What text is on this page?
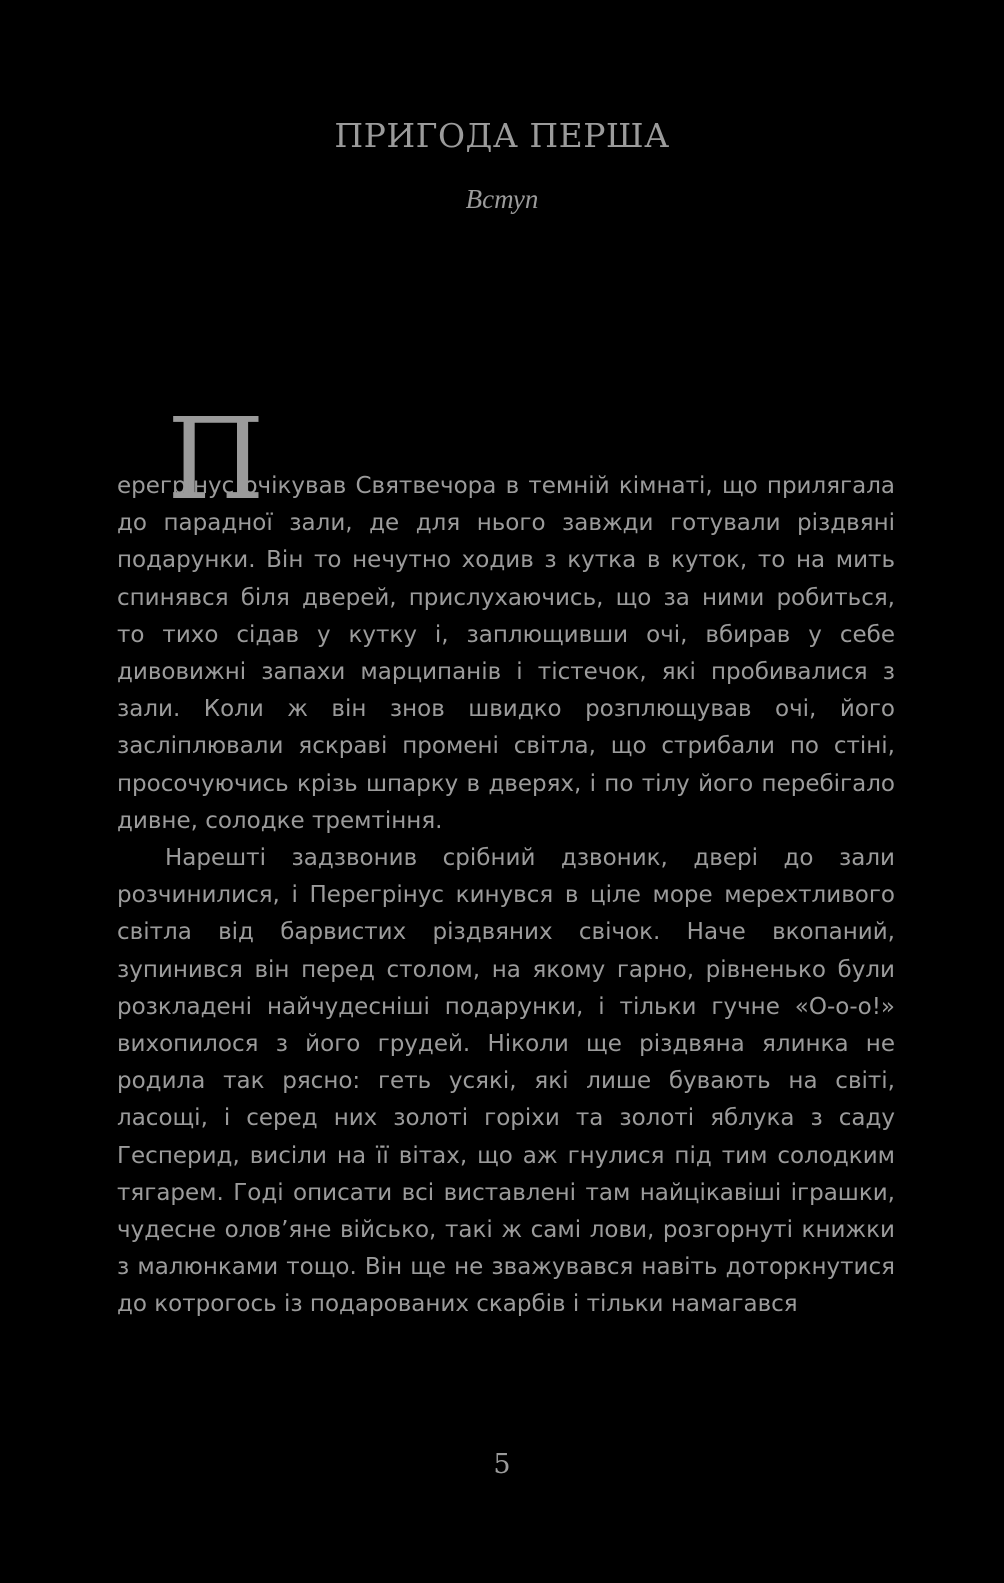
ПРИГОДА ПЕРША
Вступ

П
ерегрінус очікував Святвечора в темній кімнаті, що прилягала до парадної зали, де для нього завжди готували різдвяні подарунки. Він то нечутно ходив з кутка в куток, то на мить спинявся біля дверей, прислухаючись, що за ними робиться, то тихо сідав у кутку і, заплющивши очі, вбирав у себе дивовижні запахи марципанів і тістечок, які пробивалися з зали. Коли ж він знов швидко розплющував очі, його засліплювали яскраві промені світла, що стрибали по стіні, просочуючись крізь шпарку в дверях, і по тілу його перебігало дивне, солодке тремтіння.

Нарешті задзвонив срібний дзвоник, двері до зали розчинилися, і Перегрінус кинувся в ціле море мерехтливого світла від барвистих різдвяних свічок. Наче вкопаний, зупинився він перед столом, на якому гарно, рівненько були розкладені найчудесніші подарунки, і тільки гучне «О-о-о!» вихопилося з його грудей. Ніколи ще різдвяна ялинка не родила так рясно: геть усякі, які лише бувають на світі, ласощі, і серед них золоті горіхи та золоті яблука з саду Гесперид, висіли на її вітах, що аж гнулися під тим солодким тягарем. Годі описати всі виставлені там найцікавіші іграшки, чудесне олов’яне військо, такі ж самі лови, розгорнуті книжки з малюнками тощо. Він ще не зважувався навіть доторкнутися до котрогось із подарованих скарбів і тільки намагався

5
